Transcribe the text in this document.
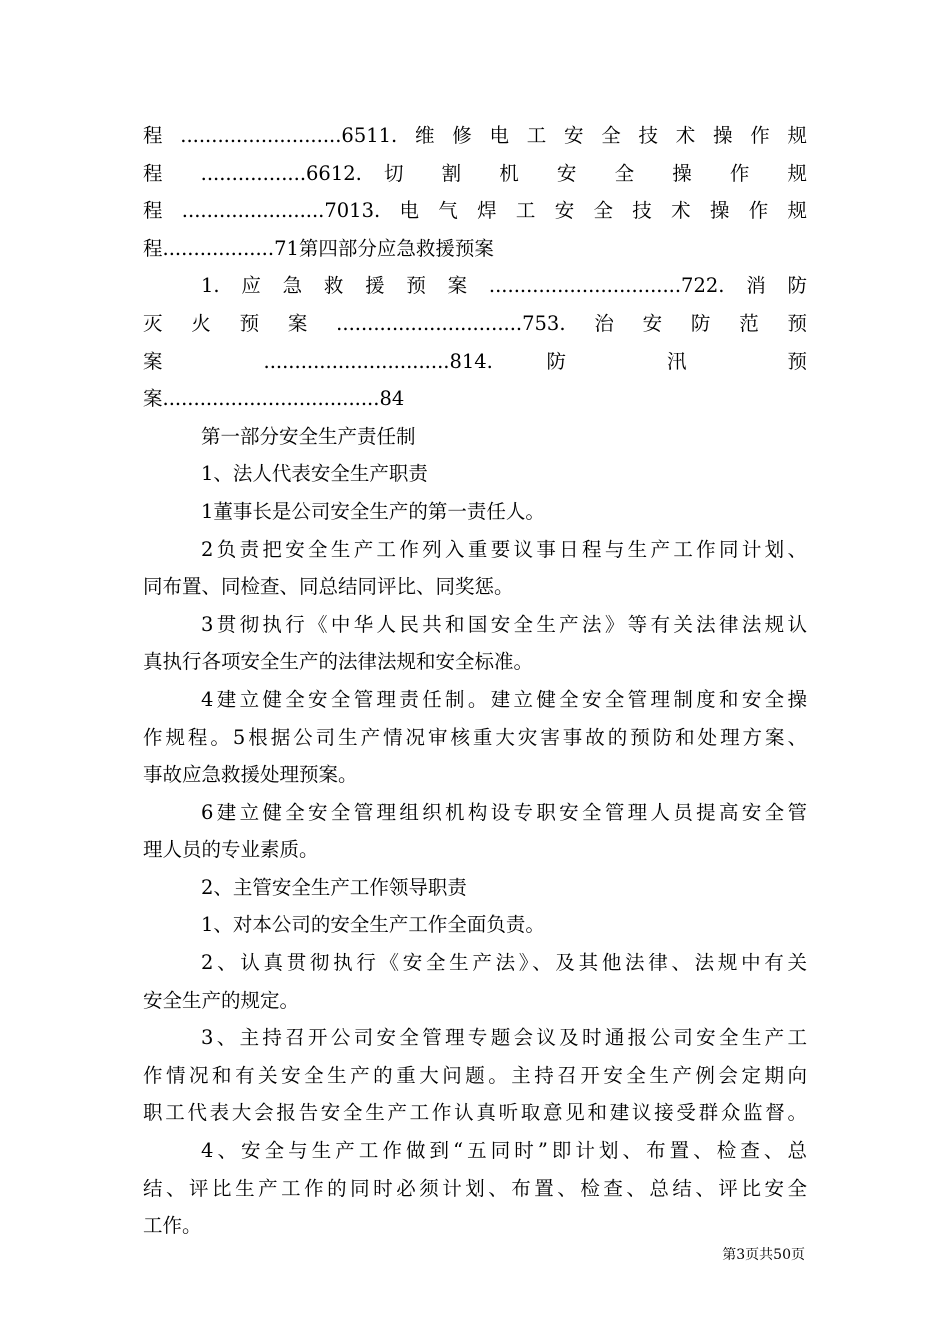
程..........................6511.维修电工安全技术操作规
程 .................6612. 切 割 机 安 全 操 作 规
程.......................7013.电气焊工安全技术操作规
程..................71第四部分应急救援预案
1.应急救援预案...............................722.消防
灭火预案..............................753.治安防范预
案 ..............................814. 防 汛 预
案...................................84
第一部分安全生产责任制
1、法人代表安全生产职责
1董事长是公司安全生产的第一责任人。
2负责把安全生产工作列入重要议事日程与生产工作同计划、
同布置、同检查、同总结同评比、同奖惩。
3贯彻执行《中华人民共和国安全生产法》等有关法律法规认
真执行各项安全生产的法律法规和安全标准。
4建立健全安全管理责任制。建立健全安全管理制度和安全操
作规程。5根据公司生产情况审核重大灾害事故的预防和处理方案、
事故应急救援处理预案。
6建立健全安全管理组织机构设专职安全管理人员提高安全管
理人员的专业素质。
2、主管安全生产工作领导职责
1、对本公司的安全生产工作全面负责。
2、认真贯彻执行《安全生产法》、及其他法律、法规中有关
安全生产的规定。
3、主持召开公司安全管理专题会议及时通报公司安全生产工
作情况和有关安全生产的重大问题。主持召开安全生产例会定期向
职工代表大会报告安全生产工作认真听取意见和建议接受群众监督。
4、安全与生产工作做到“五同时”即计划、布置、检查、总
结、评比生产工作的同时必须计划、布置、检查、总结、评比安全
工作。
第3页共50页
